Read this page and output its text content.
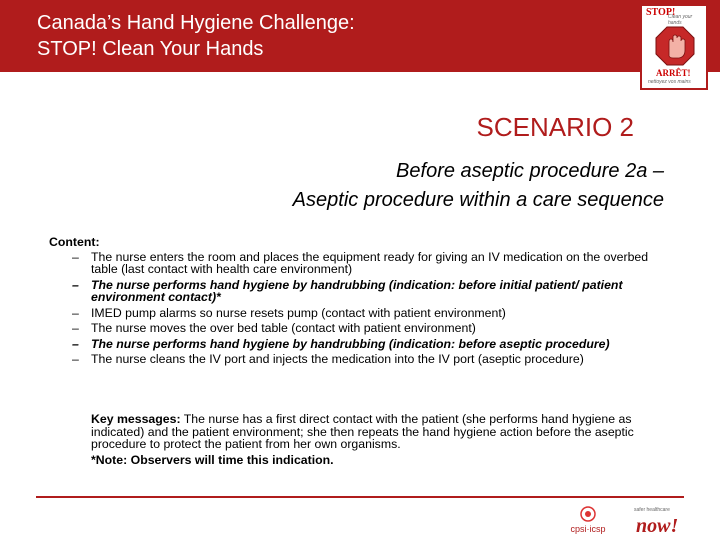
Canada’s Hand Hygiene Challenge:
STOP! Clean Your Hands
STOP!
Clean your hands
ARRÊT!
nettoyez vos mains
SCENARIO 2
Before aseptic procedure 2a –
Aseptic procedure within a care sequence
Content:
– The nurse enters the room and places the equipment ready for giving an IV medication on the overbed table (last contact with health care environment)
– The nurse performs hand hygiene by handrubbing (indication: before initial patient/ patient environment contact)*
– IMED pump alarms so nurse resets pump (contact with patient environment)
– The nurse moves the over bed table (contact with patient environment)
– The nurse performs hand hygiene by handrubbing (indication: before aseptic procedure)
– The nurse cleans the IV port and injects the medication into the IV port (aseptic procedure)
Key messages: The nurse has a first direct contact with the patient (she performs hand hygiene as indicated) and the patient environment; she then repeats the hand hygiene action before the aseptic procedure to protect the patient from her own organisms.
*Note: Observers will time this indication.
cpsi·icsp
safer healthcare
now!
